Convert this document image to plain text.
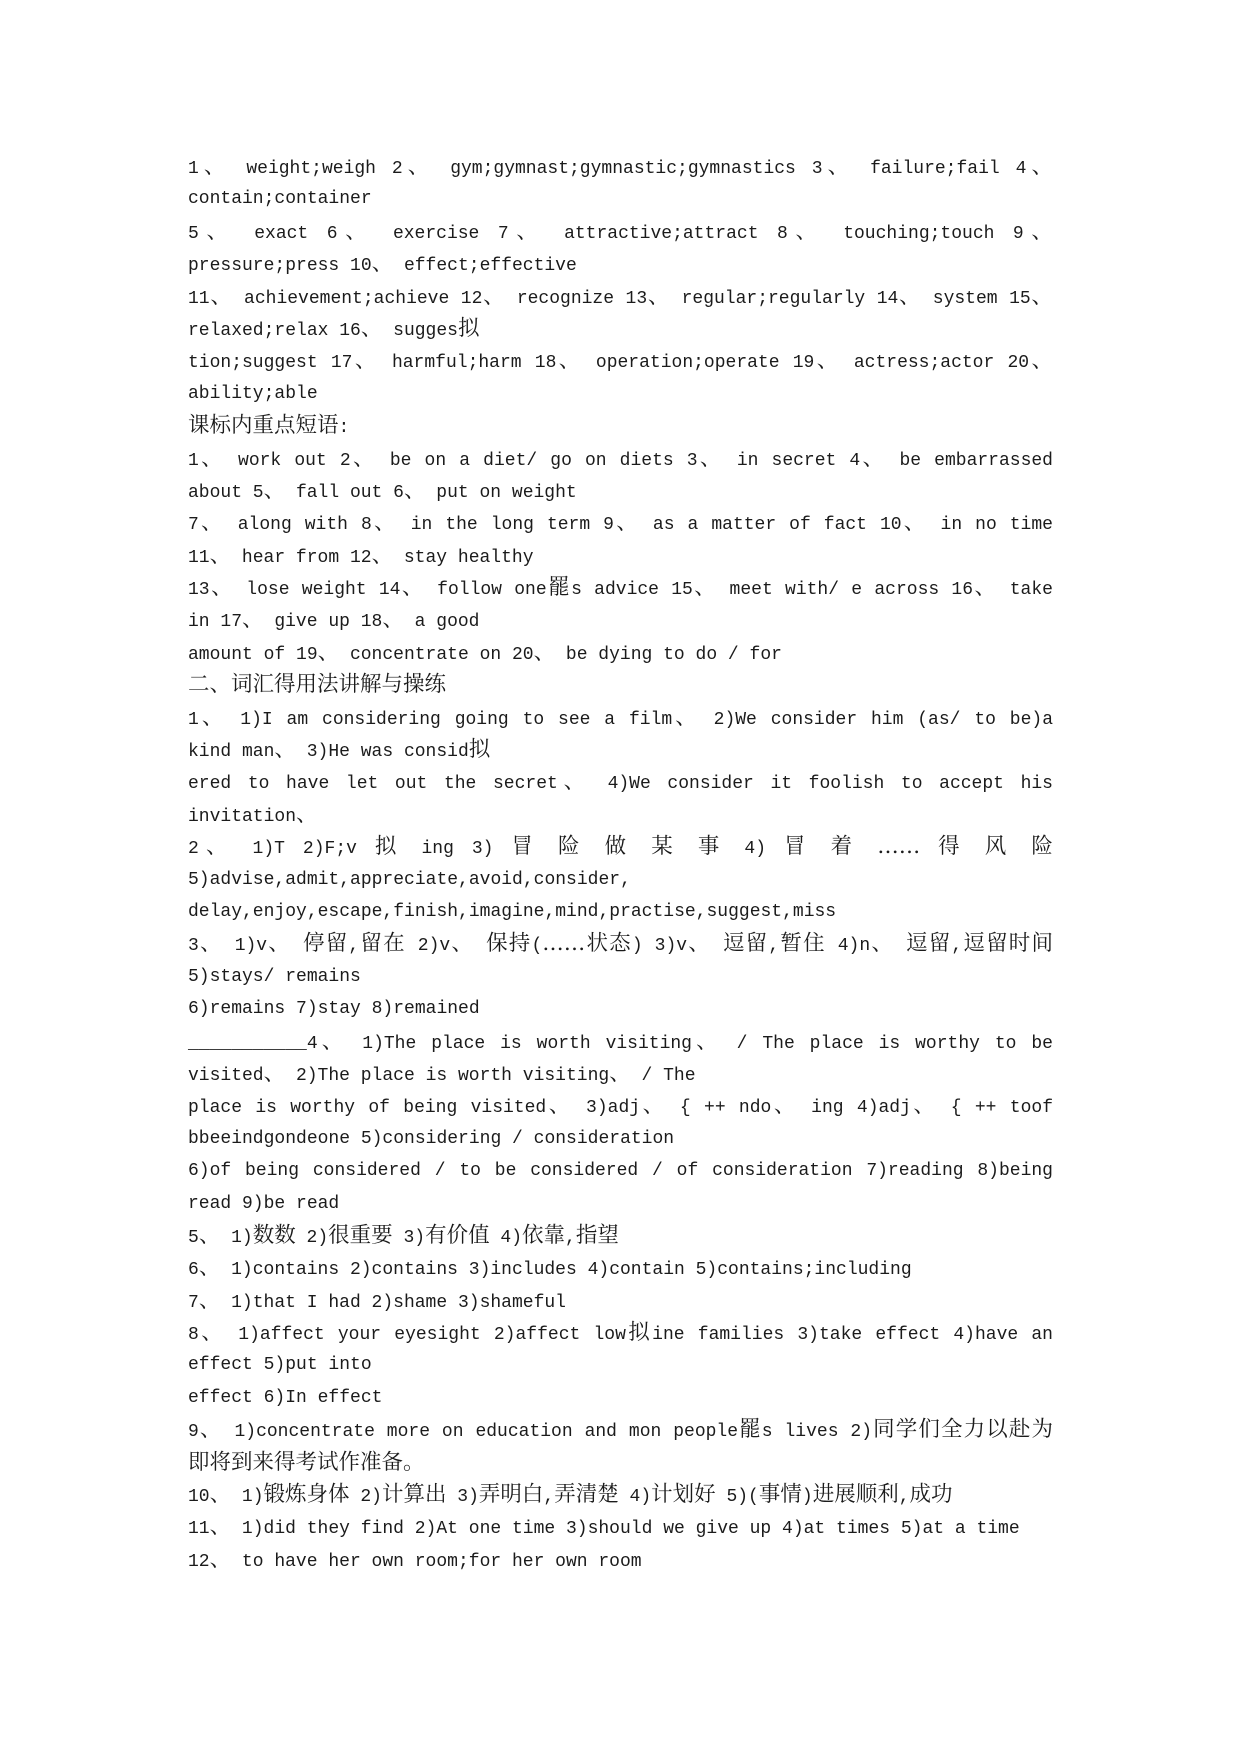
1、 weight;weigh 2、 gym;gymnast;gymnastic;gymnastics 3、 failure;fail 4、
contain;container
5、 exact 6、 exercise 7、 attractive;attract 8、 touching;touch 9、
pressure;press 10、 effect;effective
11、 achievement;achieve 12、 recognize 13、 regular;regularly 14、 system 15、
relaxed;relax 16、 sugges拟
tion;suggest 17、 harmful;harm 18、 operation;operate 19、 actress;actor 20、
ability;able
课标内重点短语:
1、 work out 2、 be on a diet/ go on diets 3、 in secret 4、 be embarrassed
about 5、 fall out 6、 put on weight
7、 along with 8、 in the long term 9、 as a matter of fact 10、 in no time
11、 hear from 12、 stay healthy
13、 lose weight 14、 follow one罷s advice 15、 meet with/ e across 16、 take
in 17、 give up 18、 a good
amount of 19、 concentrate on 20、 be dying to do / for
二、词汇得用法讲解与操练
1、 1)I am considering going to see a film、 2)We consider him (as/ to be)a
kind man、 3)He was consid拟
ered to have let out the secret、 4)We consider it foolish to accept his
invitation、
2、 1)T 2)F;v 拟 ing 3) 冒 险 做 某 事 4) 冒 着 …… 得 风 险
5)advise,admit,appreciate,avoid,consider,
delay,enjoy,escape,finish,imagine,mind,practise,suggest,miss
3、 1)v、 停留,留在 2)v、 保持(……状态) 3)v、 逗留,暂住 4)n、 逗留,逗留时间
5)stays/ remains
6)remains 7)stay 8)remained
___________4、 1)The place is worth visiting、 / The place is worthy to be
visited、 2)The place is worth visiting、 / The
place is worthy of being visited、 3)adj、 { ++ ndo、 ing 4)adj、 { ++ toof
bbeeindgondeone 5)considering / consideration
6)of being considered / to be considered / of consideration 7)reading 8)being
read 9)be read
5、 1)数数 2)很重要 3)有价值 4)依靠,指望
6、 1)contains 2)contains 3)includes 4)contain 5)contains;including
7、 1)that I had 2)shame 3)shameful
8、 1)affect your eyesight 2)affect low拟ine families 3)take effect 4)have an
effect 5)put into
effect 6)In effect
9、 1)concentrate more on education and mon people罷s lives 2)同学们全力以赴为
即将到来得考试作准备。
10、 1)锻炼身体 2)计算出 3)弄明白,弄清楚 4)计划好 5)(事情)进展顺利,成功
11、 1)did they find 2)At one time 3)should we give up 4)at times 5)at a time
12、 to have her own room;for her own room
